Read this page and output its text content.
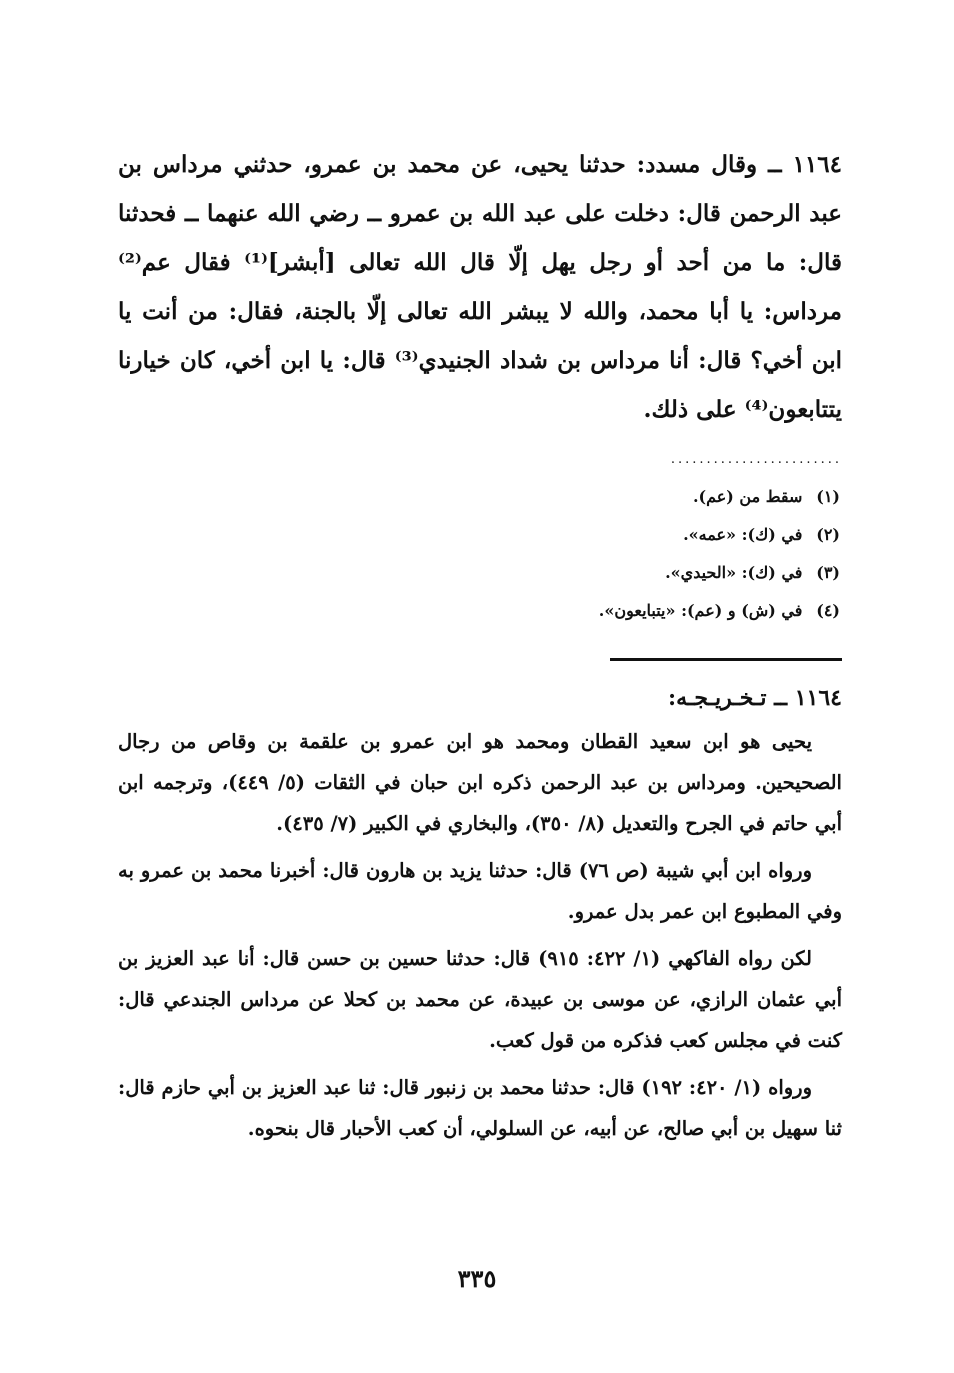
١١٦٤ ــ وقال مسدد: حدثنا يحيى، عن محمد بن عمرو، حدثني مرداس بن عبد الرحمن قال: دخلت على عبد الله بن عمرو ــ رضي الله عنهما ــ فحدثنا قال: ما من أحد أو رجل يهل إلّا قال الله تعالى [أبشر]⁽¹⁾ فقال عم⁽²⁾ مرداس: يا أبا محمد، والله لا يبشر الله تعالى إلّا بالجنة، فقال: من أنت يا ابن أخي؟ قال: أنا مرداس بن شداد الجنيدي⁽³⁾ قال: يا ابن أخي، كان خيارنا يتتابعون⁽⁴⁾ على ذلك.

........................
(١) سقط من (عم).
(٢) في (ك): «عمه».
(٣) في (ك): «الحيدي».
(٤) في (ش) و (عم): «يتبايعون».
١١٦٤ ــ تـخـريـجـه:

يحيى هو ابن سعيد القطان ومحمد هو ابن عمرو بن علقمة بن وقاص من رجال الصحيحين. ومرداس بن عبد الرحمن ذكره ابن حبان في الثقات (٥/ ٤٤٩)، وترجمه ابن أبي حاتم في الجرح والتعديل (٨/ ٣٥٠)، والبخاري في الكبير (٧/ ٤٣٥).

ورواه ابن أبي شيبة (ص ٧٦) قال: حدثنا يزيد بن هارون قال: أخبرنا محمد بن عمرو به وفي المطبوع ابن عمر بدل عمرو.

لكن رواه الفاكهي (١/ ٤٢٢: ٩١٥) قال: حدثنا حسين بن حسن قال: أنا عبد العزيز بن أبي عثمان الرازي، عن موسى بن عبيدة، عن محمد بن كحلا عن مرداس الجندعي قال: كنت في مجلس كعب فذكره من قول كعب.

ورواه (١/ ٤٢٠: ١٩٢) قال: حدثنا محمد بن زنبور قال: ثنا عبد العزيز بن أبي حازم قال: ثنا سهيل بن أبي صالح، عن أبيه، عن السلولي، أن كعب الأحبار قال بنحوه.

٣٣٥
